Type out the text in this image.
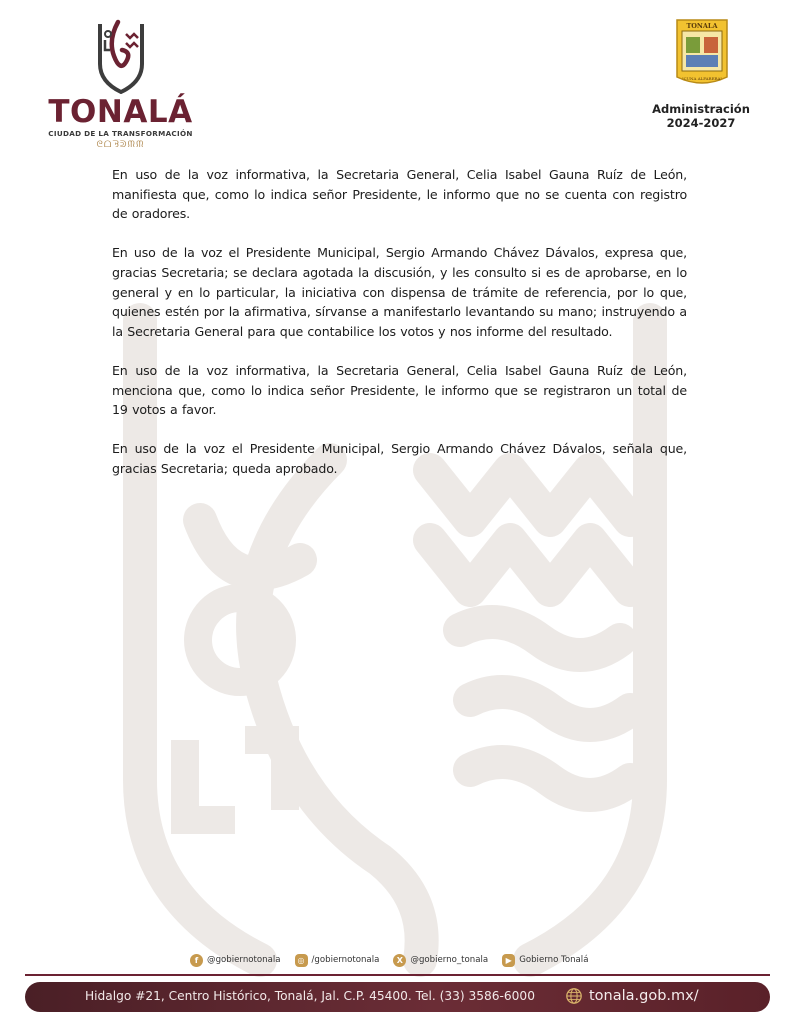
TONALÁ
CIUDAD DE LA TRANSFORMACIÓN
ᘓᗝᘋᕲᙏᙏ
TONALA
"CUNA ALFARERA"
Administración
2024-2027

En uso de la voz informativa, la Secretaria General, Celia Isabel Gauna Ruíz de León, manifiesta que, como lo indica señor Presidente, le informo que no se cuenta con registro de oradores.

En uso de la voz el Presidente Municipal, Sergio Armando Chávez Dávalos, expresa que, gracias Secretaria; se declara agotada la discusión, y les consulto si es de aprobarse, en lo general y en lo particular, la iniciativa con dispensa de trámite de referencia, por lo que, quienes estén por la afirmativa, sírvanse a manifestarlo levantando su mano; instruyendo a la Secretaria General para que contabilice los votos y nos informe del resultado.

En uso de la voz informativa, la Secretaria General, Celia Isabel Gauna Ruíz de León, menciona que, como lo indica señor Presidente, le informo que se registraron un total de 19 votos a favor.

En uso de la voz el Presidente Municipal, Sergio Armando Chávez Dávalos, señala que, gracias Secretaria; queda aprobado.

f	@gobiernotonala	◎ /gobiernotonala	X @gobierno_tonala	▶ Gobierno Tonalá
Hidalgo #21, Centro Histórico, Tonalá, Jal. C.P. 45400. Tel. (33) 3586-6000	tonala.gob.mx/
